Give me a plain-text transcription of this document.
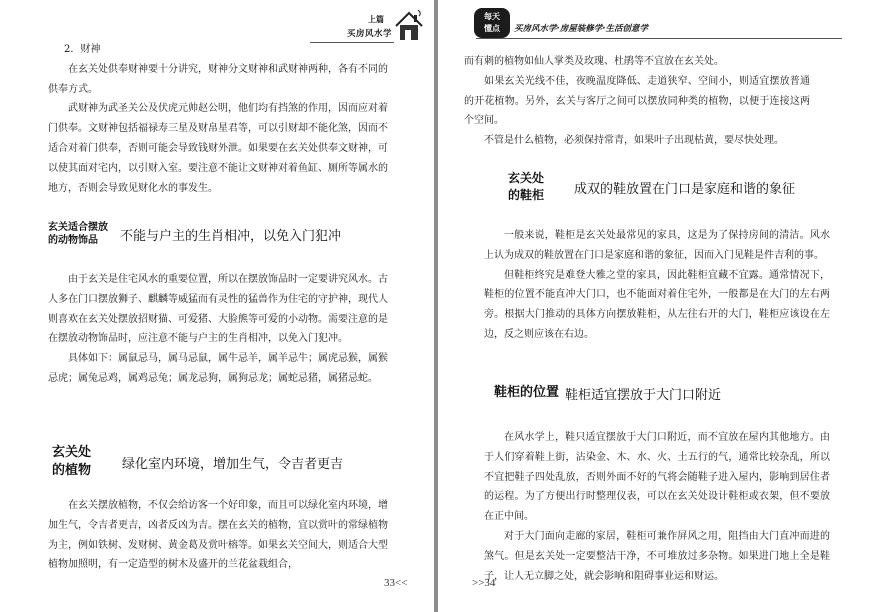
上篇
买房风水学

2．财神

在玄关处供奉财神要十分讲究，财神分文财神和武财神两种，各有不同的供奉方式。

武财神为武圣关公及伏虎元帅赵公明，他们均有挡煞的作用，因而应对着门供奉。文财神包括福禄寿三星及财帛星君等，可以引财却不能化煞，因而不适合对着门供奉，否则可能会导致钱财外泄。如果要在玄关处供奉文财神，可以使其面对宅内，以引财入室。要注意不能让文财神对着鱼缸、厕所等属水的地方，否则会导致见财化水的事发生。

玄关适合摆放
的动物饰品	不能与户主的生肖相冲，以免入门犯冲

由于玄关是住宅风水的重要位置，所以在摆放饰品时一定要讲究风水。古人多在门口摆放狮子、麒麟等威猛而有灵性的猛兽作为住宅的守护神，现代人则喜欢在玄关处摆放招财猫、可爱猪、大脸熊等可爱的小动物。需要注意的是在摆放动物饰品时，应注意不能与户主的生肖相冲，以免入门犯冲。

具体如下：属鼠忌马，属马忌鼠，属牛忌羊，属羊忌牛；属虎忌猴，属猴忌虎；属兔忌鸡，属鸡忌兔；属龙忌狗，属狗忌龙；属蛇忌猪，属猪忌蛇。

玄关处
的植物	绿化室内环境，增加生气，令吉者更吉

在玄关摆放植物，不仅会给访客一个好印象，而且可以绿化室内环境，增加生气，令吉者更吉，凶者反凶为吉。摆在玄关的植物，宜以赏叶的常绿植物为主，例如铁树、发财树、黄金葛及赏叶榕等。如果玄关空间大，则适合大型植物加照明，有一定造型的树木及盛开的兰花盆栽组合，

33<<
每天
懂点	买房风水学·房屋装修学·生活创意学

而有刺的植物如仙人掌类及玫瑰、杜鹃等不宜放在玄关处。

如果玄关光线不佳，夜晚温度降低、走道狭窄、空间小，则适宜摆放普通的开花植物。另外，玄关与客厅之间可以摆放同种类的植物，以便于连接这两个空间。

不管是什么植物，必须保持常青，如果叶子出现枯黄，要尽快处理。

玄关处
的鞋柜	成双的鞋放置在门口是家庭和谐的象征

一般来说，鞋柜是玄关处最常见的家具，这是为了保持房间的清洁。风水上认为成双的鞋放置在门口是家庭和谐的象征，因而入门见鞋是件吉利的事。

但鞋柜终究是难登大雅之堂的家具，因此鞋柜宜藏不宜露。通常情况下，鞋柜的位置不能直冲大门口，也不能面对着住宅外，一般都是在大门的左右两旁。根据大门推动的具体方向摆放鞋柜，从左往右开的大门，鞋柜应该设在左边，反之则应该在右边。

鞋柜的位置 鞋柜适宜摆放于大门口附近

在风水学上，鞋只适宜摆放于大门口附近，而不宜放在屋内其他地方。由于人们穿着鞋上街，沾染金、木、水、火、土五行的气，通常比较杂乱，所以不宜把鞋子四处乱放，否则外面不好的气将会随鞋子进入屋内，影响到居住者的运程。为了方便出行时整理仪表，可以在玄关处设计鞋柜或衣架，但不要放在正中间。

对于大门面向走廊的家居，鞋柜可兼作屏风之用，阻挡由大门直冲而进的煞气。但是玄关处一定要整洁干净，不可堆放过多杂物。如果进门地上全是鞋子，让人无立脚之处，就会影响和阻碍事业运和财运。

>>34
